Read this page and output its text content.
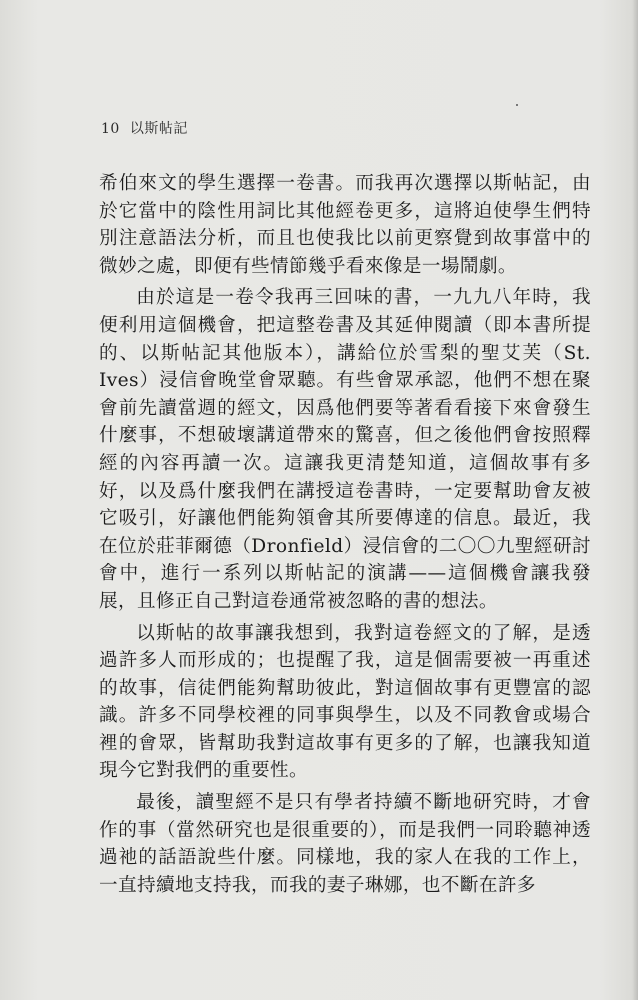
10 以斯帖記

希伯來文的學生選擇一卷書。而我再次選擇以斯帖記，由於它當中的陰性用詞比其他經卷更多，這將迫使學生們特別注意語法分析，而且也使我比以前更察覺到故事當中的微妙之處，即便有些情節幾乎看來像是一場鬧劇。

由於這是一卷令我再三回味的書，一九九八年時，我便利用這個機會，把這整卷書及其延伸閱讀（即本書所提的、以斯帖記其他版本），講給位於雪梨的聖艾芙（St. Ives）浸信會晚堂會眾聽。有些會眾承認，他們不想在聚會前先讀當週的經文，因爲他們要等著看看接下來會發生什麼事，不想破壞講道帶來的驚喜，但之後他們會按照釋經的內容再讀一次。這讓我更清楚知道，這個故事有多好，以及爲什麼我們在講授這卷書時，一定要幫助會友被它吸引，好讓他們能夠領會其所要傳達的信息。最近，我在位於莊菲爾德（Dronfield）浸信會的二〇〇九聖經研討會中，進行一系列以斯帖記的演講——這個機會讓我發展，且修正自己對這卷通常被忽略的書的想法。

以斯帖的故事讓我想到，我對這卷經文的了解，是透過許多人而形成的；也提醒了我，這是個需要被一再重述的故事，信徒們能夠幫助彼此，對這個故事有更豐富的認識。許多不同學校裡的同事與學生，以及不同教會或場合裡的會眾，皆幫助我對這故事有更多的了解，也讓我知道現今它對我們的重要性。

最後，讀聖經不是只有學者持續不斷地研究時，才會作的事（當然研究也是很重要的），而是我們一同聆聽神透過祂的話語說些什麼。同樣地，我的家人在我的工作上，一直持續地支持我，而我的妻子琳娜，也不斷在許多
